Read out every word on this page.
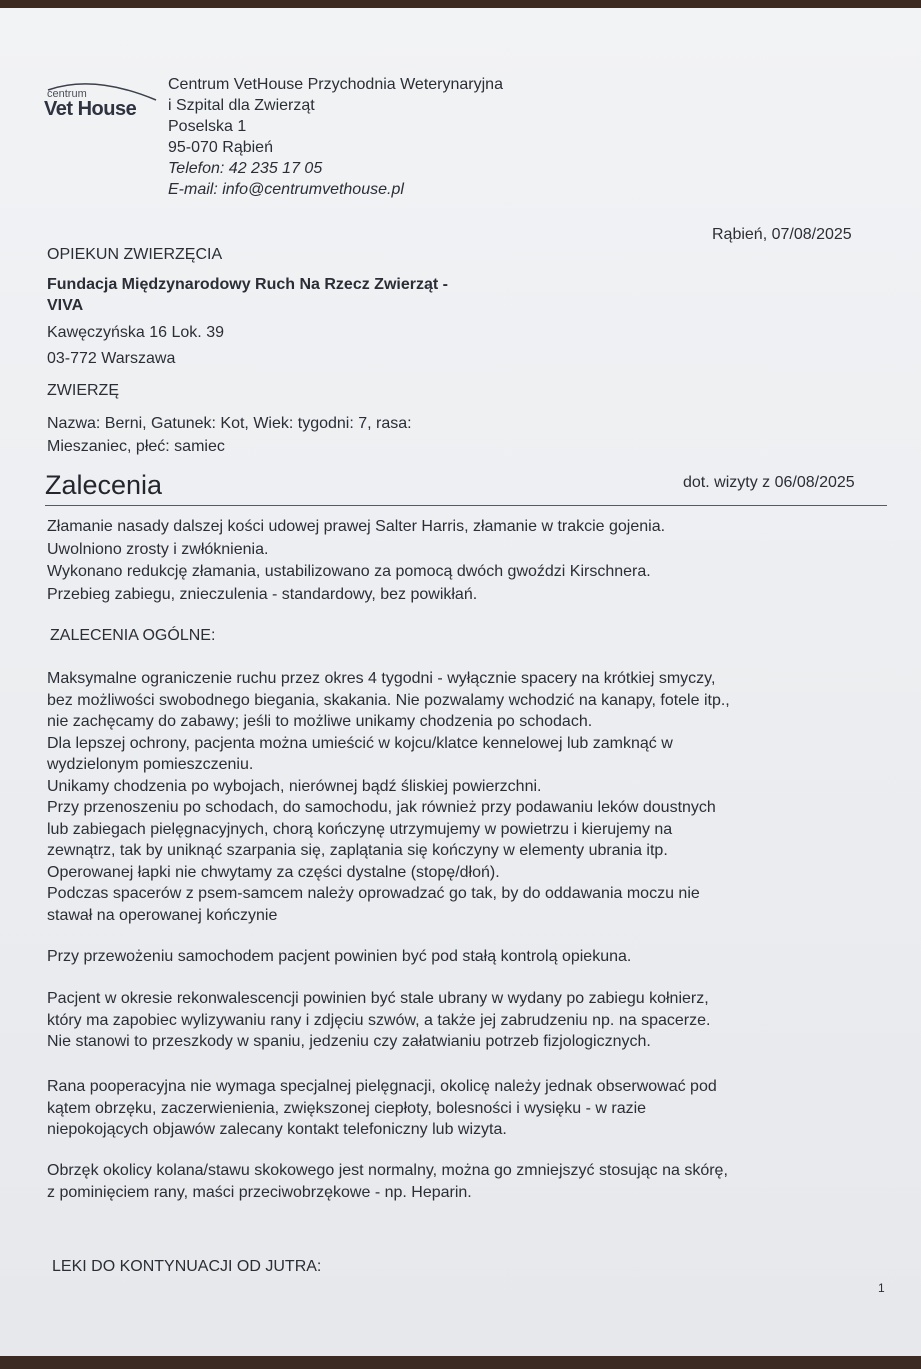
centrum
Vet House
Centrum VetHouse Przychodnia Weterynaryjna
i Szpital dla Zwierząt
Poselska 1
95-070 Rąbień
Telefon: 42 235 17 05
E-mail: info@centrumvethouse.pl
Rąbień, 07/08/2025
OPIEKUN ZWIERZĘCIA
Fundacja Międzynarodowy Ruch Na Rzecz Zwierząt -
VIVA
Kawęczyńska 16 Lok. 39
03-772 Warszawa
ZWIERZĘ
Nazwa: Berni, Gatunek: Kot, Wiek: tygodni: 7, rasa:
Mieszaniec, płeć: samiec
Zalecenia	dot. wizyty z 06/08/2025
Złamanie nasady dalszej kości udowej prawej Salter Harris, złamanie w trakcie gojenia.
Uwolniono zrosty i zwłóknienia.
Wykonano redukcję złamania, ustabilizowano za pomocą dwóch gwoździ Kirschnera.
Przebieg zabiegu, znieczulenia - standardowy, bez powikłań.
ZALECENIA OGÓLNE:
Maksymalne ograniczenie ruchu przez okres 4 tygodni - wyłącznie spacery na krótkiej smyczy,
bez możliwości swobodnego biegania, skakania. Nie pozwalamy wchodzić na kanapy, fotele itp.,
nie zachęcamy do zabawy; jeśli to możliwe unikamy chodzenia po schodach.
Dla lepszej ochrony, pacjenta można umieścić w kojcu/klatce kennelowej lub zamknąć w
wydzielonym pomieszczeniu.
Unikamy chodzenia po wybojach, nierównej bądź śliskiej powierzchni.
Przy przenoszeniu po schodach, do samochodu, jak również przy podawaniu leków doustnych
lub zabiegach pielęgnacyjnych, chorą kończynę utrzymujemy w powietrzu i kierujemy na
zewnątrz, tak by uniknąć szarpania się, zaplątania się kończyny w elementy ubrania itp.
Operowanej łapki nie chwytamy za części dystalne (stopę/dłoń).
Podczas spacerów z psem-samcem należy oprowadzać go tak, by do oddawania moczu nie
stawał na operowanej kończynie
Przy przewożeniu samochodem pacjent powinien być pod stałą kontrolą opiekuna.
Pacjent w okresie rekonwalescencji powinien być stale ubrany w wydany po zabiegu kołnierz,
który ma zapobiec wylizywaniu rany i zdjęciu szwów, a także jej zabrudzeniu np. na spacerze.
Nie stanowi to przeszkody w spaniu, jedzeniu czy załatwianiu potrzeb fizjologicznych.
Rana pooperacyjna nie wymaga specjalnej pielęgnacji, okolicę należy jednak obserwować pod
kątem obrzęku, zaczerwienienia, zwiększonej ciepłoty, bolesności i wysięku - w razie
niepokojących objawów zalecany kontakt telefoniczny lub wizyta.
Obrzęk okolicy kolana/stawu skokowego jest normalny, można go zmniejszyć stosując na skórę,
z pominięciem rany, maści przeciwobrzękowe - np. Heparin.
LEKI DO KONTYNUACJI OD JUTRA:
1
